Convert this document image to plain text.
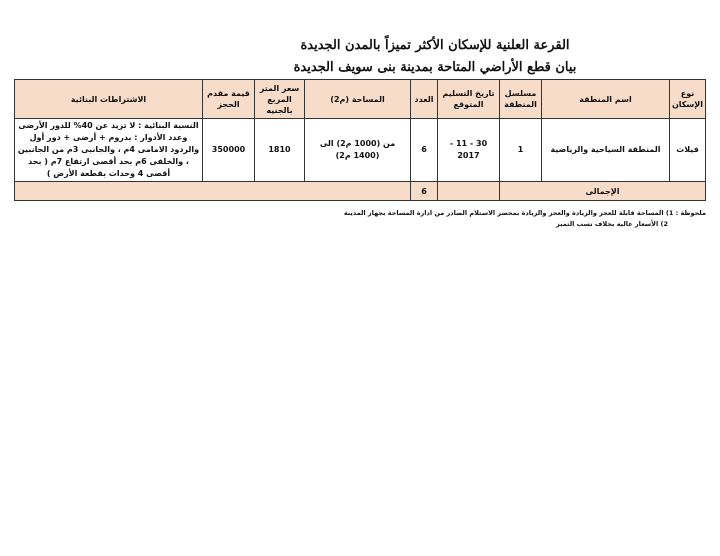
القرعة العلنية للإسكان الأكثر تميزاً بالمدن الجديدة
بيان قطع الأراضي المتاحة بمدينة بنى سويف الجديدة
نوع الإسكان	اسم المنطقة	مسلسل المنطقة	تاريخ التسليم المتوقع	العدد	المساحة (م2)	سعر المتر المربع بالجنيه	قيمة مقدم الحجز	الاشتراطات البنائية
فيلات	المنطقة السياحية والرياضية	1	30 - 11 - 2017	6	من (1000 م2) الى (1400 م2)	1810	350000	النسبة البنائية : لا تزيد عن 40% للدور الأرضى وعدد الأدوار : بدروم + أرضى + دور أول والردود الامامى 4م ، والجانبى 3م من الجانبين ، والخلفى 6م بحد أقصى ارتفاع 7م ( بحد أقصى 4 وحدات بقطعة الأرض )
الإجمالى				6				
ملحوظة : 1) المساحة قابلة للعجز والزيادة والعجز والزيادة بمحضر الاستلام الصادر من ادارة المساحة بجهاز المدينة
2) الأسعار عاليه بخلاف نسب التميز
